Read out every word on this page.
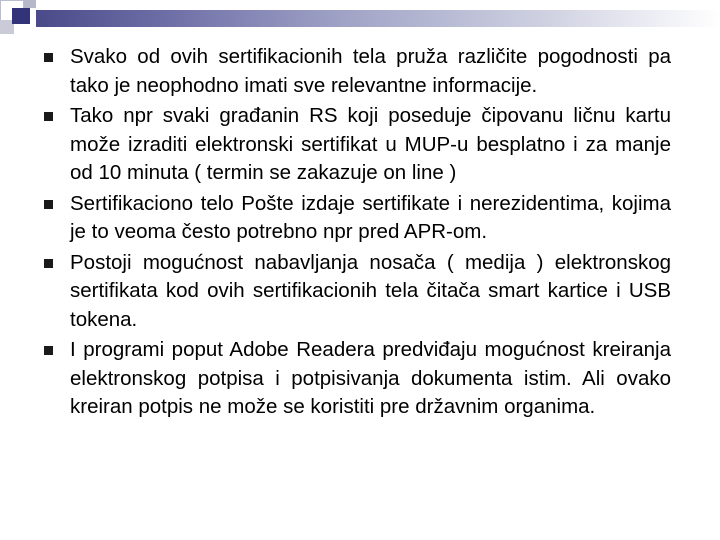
Svako od ovih sertifikacionih tela pruža različite pogodnosti pa tako je neophodno imati sve relevantne informacije.
Tako npr svaki građanin RS koji poseduje čipovanu ličnu kartu može izraditi elektronski sertifikat u MUP-u besplatno i za manje od 10 minuta ( termin se zakazuje on line )
Sertifikaciono telo Pošte izdaje sertifikate i nerezidentima, kojima je to veoma često potrebno npr pred APR-om.
Postoji mogućnost nabavljanja nosača ( medija ) elektronskog sertifikata kod ovih sertifikacionih tela čitača smart kartice i USB tokena.
I programi poput Adobe Readera predviđaju mogućnost kreiranja elektronskog potpisa i potpisivanja dokumenta istim. Ali ovako kreiran potpis ne može se koristiti pre državnim organima.
